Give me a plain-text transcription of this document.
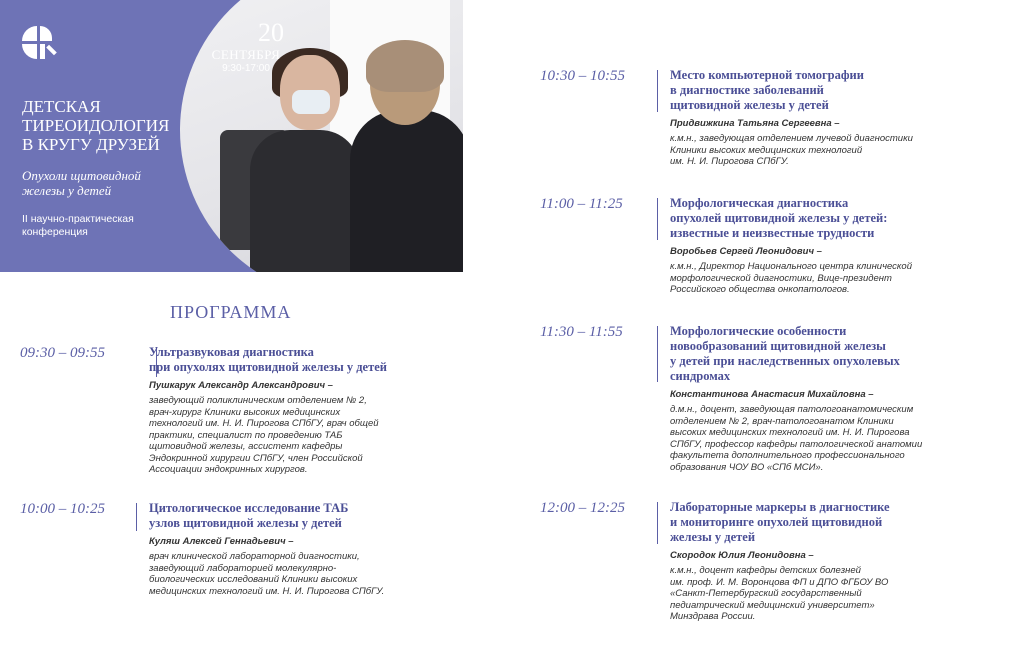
20
СЕНТЯБРЯ
9:30-17:00
ДЕТСКАЯ
ТИРЕОИДОЛОГИЯ
В КРУГУ ДРУЗЕЙ
Опухоли щитовидной
железы у детей
II научно-практическая
конференция
ПРОГРАММА
09:30 – 09:55	Ультразвуковая диагностика
при опухолях щитовидной железы у детей
Пушкарук Александр Александрович –
заведующий поликлиническим отделением № 2,
врач-хирург Клиники высоких медицинских
технологий им. Н. И. Пирогова СПбГУ, врач общей
практики, специалист по проведению ТАБ
щитовидной железы, ассистент кафедры
Эндокринной хирургии СПбГУ, член Российской
Ассоциации эндокринных хирургов.
10:00 – 10:25	Цитологическое исследование ТАБ
узлов щитовидной железы у детей
Куляш Алексей Геннадьевич –
врач клинической лабораторной диагностики,
заведующий лабораторией молекулярно-
биологических исследований Клиники высоких
медицинских технологий им. Н. И. Пирогова СПбГУ.
10:30 – 10:55	Место компьютерной томографии
в диагностике заболеваний
щитовидной железы у детей
Придвижкина Татьяна Сергеевна –
к.м.н., заведующая отделением лучевой диагностики
Клиники высоких медицинских технологий
им. Н. И. Пирогова СПбГУ.
11:00 – 11:25	Морфологическая диагностика
опухолей щитовидной железы у детей:
известные и неизвестные трудности
Воробьев Сергей Леонидович –
к.м.н., Директор Национального центра клинической
морфологической диагностики, Вице-президент
Российского общества онкопатологов.
11:30 – 11:55	Морфологические особенности
новообразований щитовидной железы
у детей при наследственных опухолевых
синдромах
Константинова Анастасия Михайловна –
д.м.н., доцент, заведующая патологоанатомическим
отделением № 2, врач-патологоанатом Клиники
высоких медицинских технологий им. Н. И. Пирогова
СПбГУ, профессор кафедры патологической анатомии
факультета дополнительного профессионального
образования ЧОУ ВО «СПб МСИ».
12:00 – 12:25	Лабораторные маркеры в диагностике
и мониторинге опухолей щитовидной
железы у детей
Скородок Юлия Леонидовна –
к.м.н., доцент кафедры детских болезней
им. проф. И. М. Воронцова ФП и ДПО ФГБОУ ВО
«Санкт-Петербургский государственный
педиатрический медицинский университет»
Минздрава России.
